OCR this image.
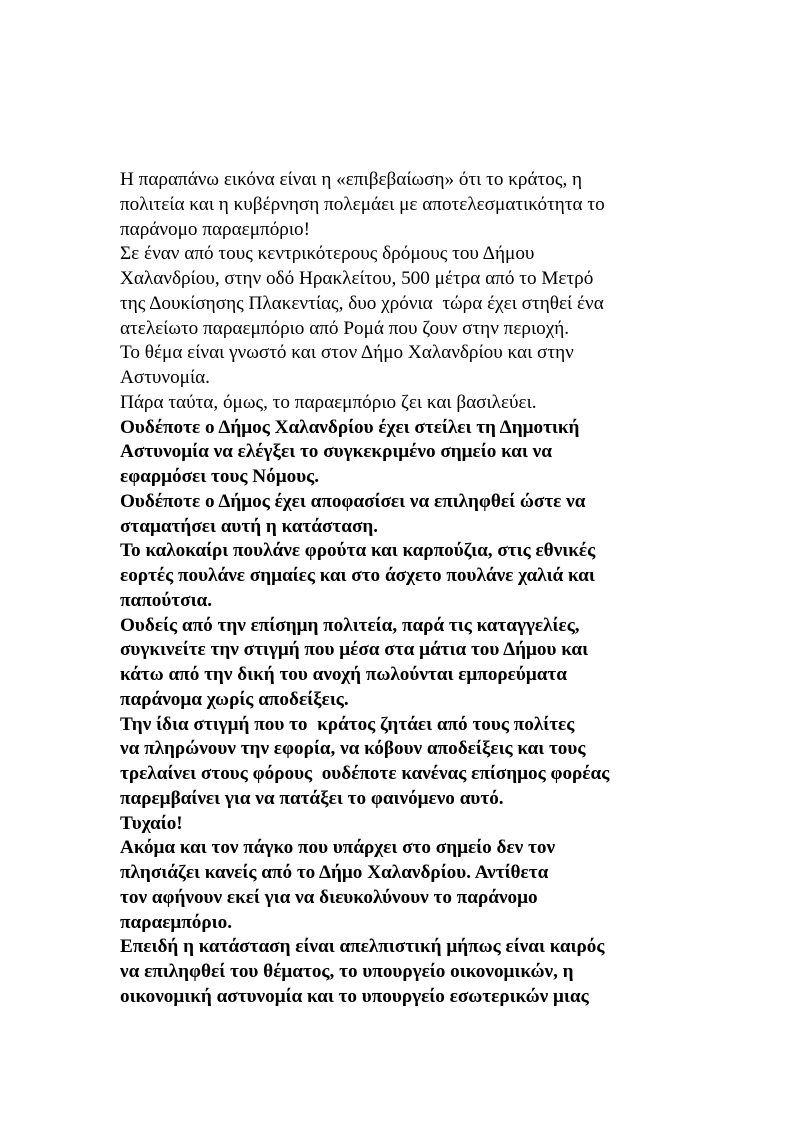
Η παραπάνω εικόνα είναι η «επιβεβαίωση» ότι το κράτος, η
πολιτεία και η κυβέρνηση πολεμάει με αποτελεσματικότητα το
παράνομο παραεμπόριο!
Σε έναν από τους κεντρικότερους δρόμους του Δήμου
Χαλανδρίου, στην οδό Ηρακλείτου, 500 μέτρα από το Μετρό
της Δουκίσησης Πλακεντίας, δυο χρόνια  τώρα έχει στηθεί ένα
ατελείωτο παραεμπόριο από Ρομά που ζουν στην περιοχή.
Το θέμα είναι γνωστό και στον Δήμο Χαλανδρίου και στην
Αστυνομία.
Πάρα ταύτα, όμως, το παραεμπόριο ζει και βασιλεύει.
Ουδέποτε ο Δήμος Χαλανδρίου έχει στείλει τη Δημοτική
Αστυνομία να ελέγξει το συγκεκριμένο σημείο και να
εφαρμόσει τους Νόμους.
Ουδέποτε ο Δήμος έχει αποφασίσει να επιληφθεί ώστε να
σταματήσει αυτή η κατάσταση.
Το καλοκαίρι πουλάνε φρούτα και καρπούζια, στις εθνικές
εορτές πουλάνε σημαίες και στο άσχετο πουλάνε χαλιά και
παπούτσια.
Ουδείς από την επίσημη πολιτεία, παρά τις καταγγελίες,
συγκινείτε την στιγμή που μέσα στα μάτια του Δήμου και
κάτω από την δική του ανοχή πωλούνται εμπορεύματα
παράνομα χωρίς αποδείξεις.
Την ίδια στιγμή που το  κράτος ζητάει από τους πολίτες
να πληρώνουν την εφορία, να κόβουν αποδείξεις και τους
τρελαίνει στους φόρους  ουδέποτε κανένας επίσημος φορέας
παρεμβαίνει για να πατάξει το φαινόμενο αυτό.
Τυχαίο!
Ακόμα και τον πάγκο που υπάρχει στο σημείο δεν τον
πλησιάζει κανείς από το Δήμο Χαλανδρίου. Αντίθετα
τον αφήνουν εκεί για να διευκολύνουν το παράνομο
παραεμπόριο.
Επειδή η κατάσταση είναι απελπιστική μήπως είναι καιρός
να επιληφθεί του θέματος, το υπουργείο οικονομικών, η
οικονομική αστυνομία και το υπουργείο εσωτερικών μιας
